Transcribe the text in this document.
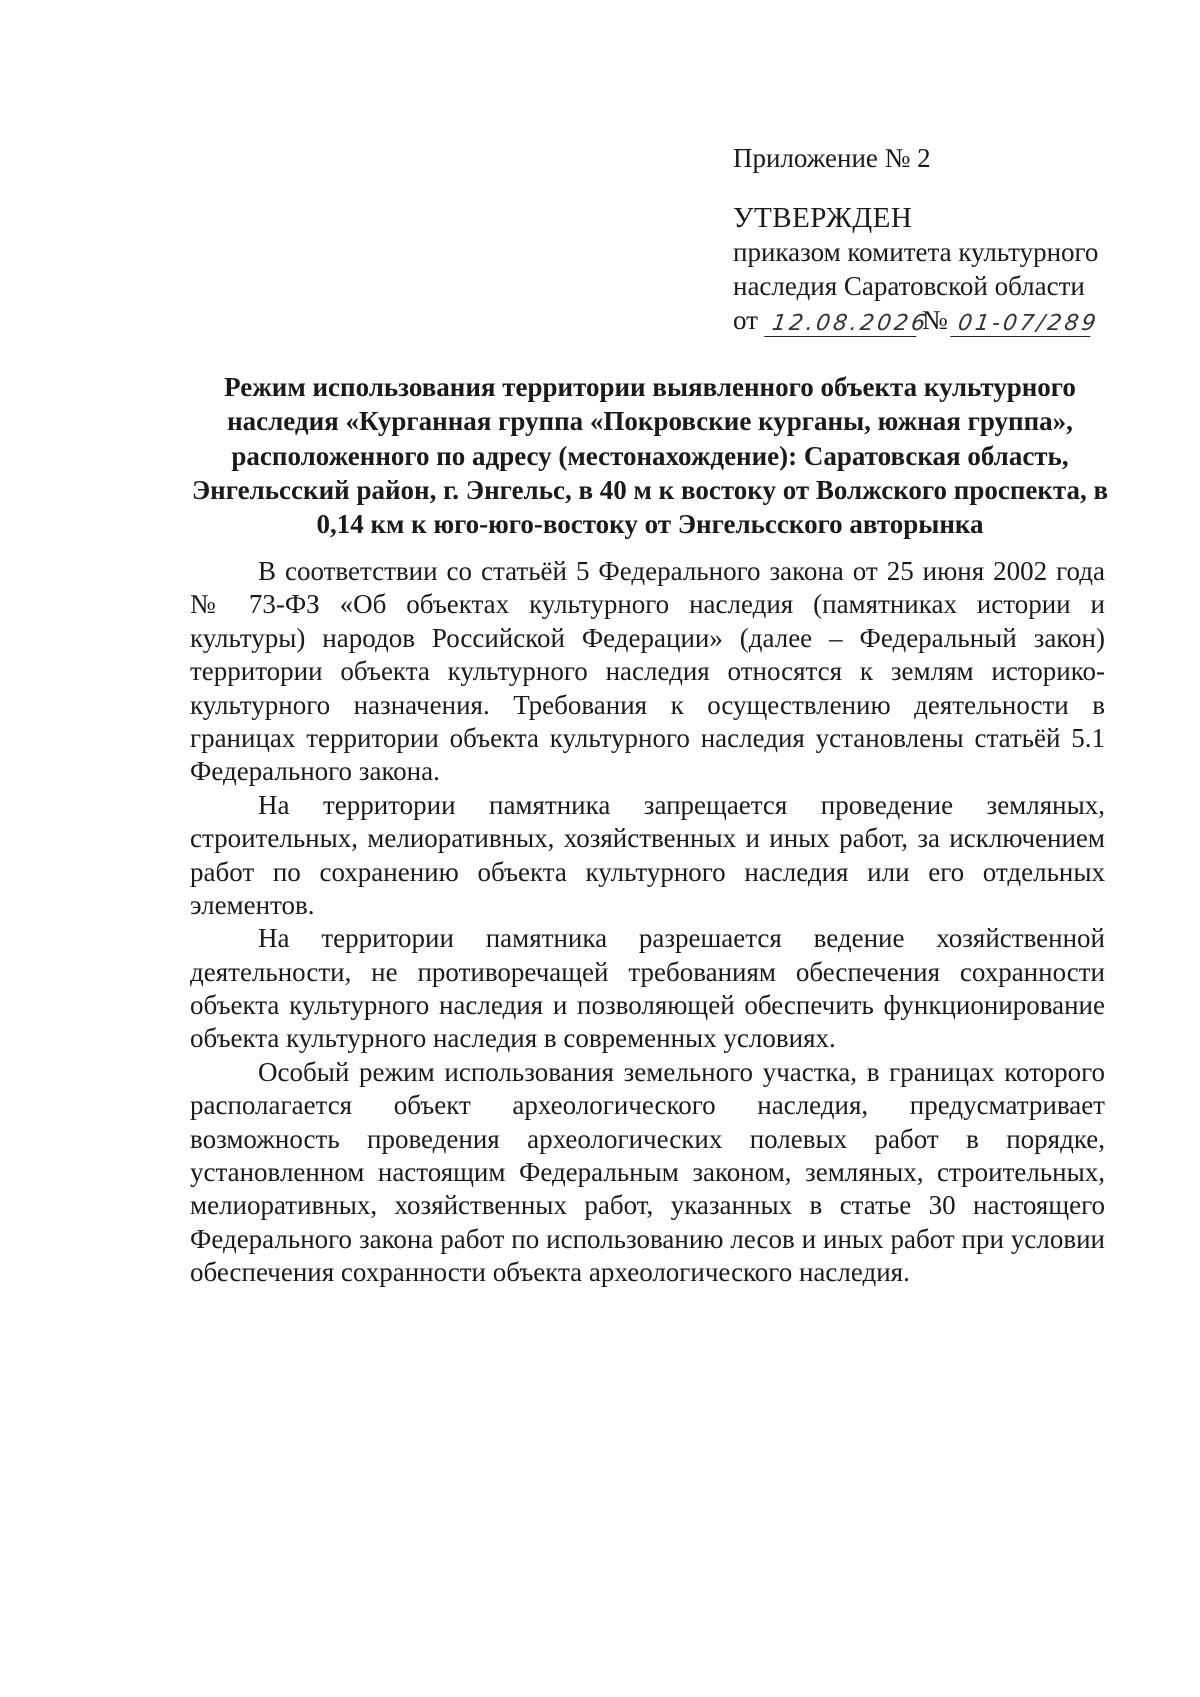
Приложение № 2

УТВЕРЖДЕН

приказом комитета культурного

наследия Саратовской области

от 12.08.2026
№ 01-07/289
Режим использования территории выявленного объекта культурного наследия «Курганная группа «Покровские курганы, южная группа», расположенного по адресу (местонахождение): Саратовская область, Энгельсский район, г. Энгельс, в 40 м к востоку от Волжского проспекта, в 0,14 км к юго-юго-востоку от Энгельсского авторынка

В соответствии со статьёй 5 Федерального закона от 25 июня 2002 года № 73-ФЗ «Об объектах культурного наследия (памятниках истории и культуры) народов Российской Федерации» (далее – Федеральный закон) территории объекта культурного наследия относятся к землям историко-культурного назначения. Требования к осуществлению деятельности в границах территории объекта культурного наследия установлены статьёй 5.1 Федерального закона.

На территории памятника запрещается проведение земляных, строительных, мелиоративных, хозяйственных и иных работ, за исключением работ по сохранению объекта культурного наследия или его отдельных элементов.

На территории памятника разрешается ведение хозяйственной деятельности, не противоречащей требованиям обеспечения сохранности объекта культурного наследия и позволяющей обеспечить функционирование объекта культурного наследия в современных условиях.

Особый режим использования земельного участка, в границах которого располагается объект археологического наследия, предусматривает возможность проведения археологических полевых работ в порядке, установленном настоящим Федеральным законом, земляных, строительных, мелиоративных, хозяйственных работ, указанных в статье 30 настоящего Федерального закона работ по использованию лесов и иных работ при условии обеспечения сохранности объекта археологического наследия.
